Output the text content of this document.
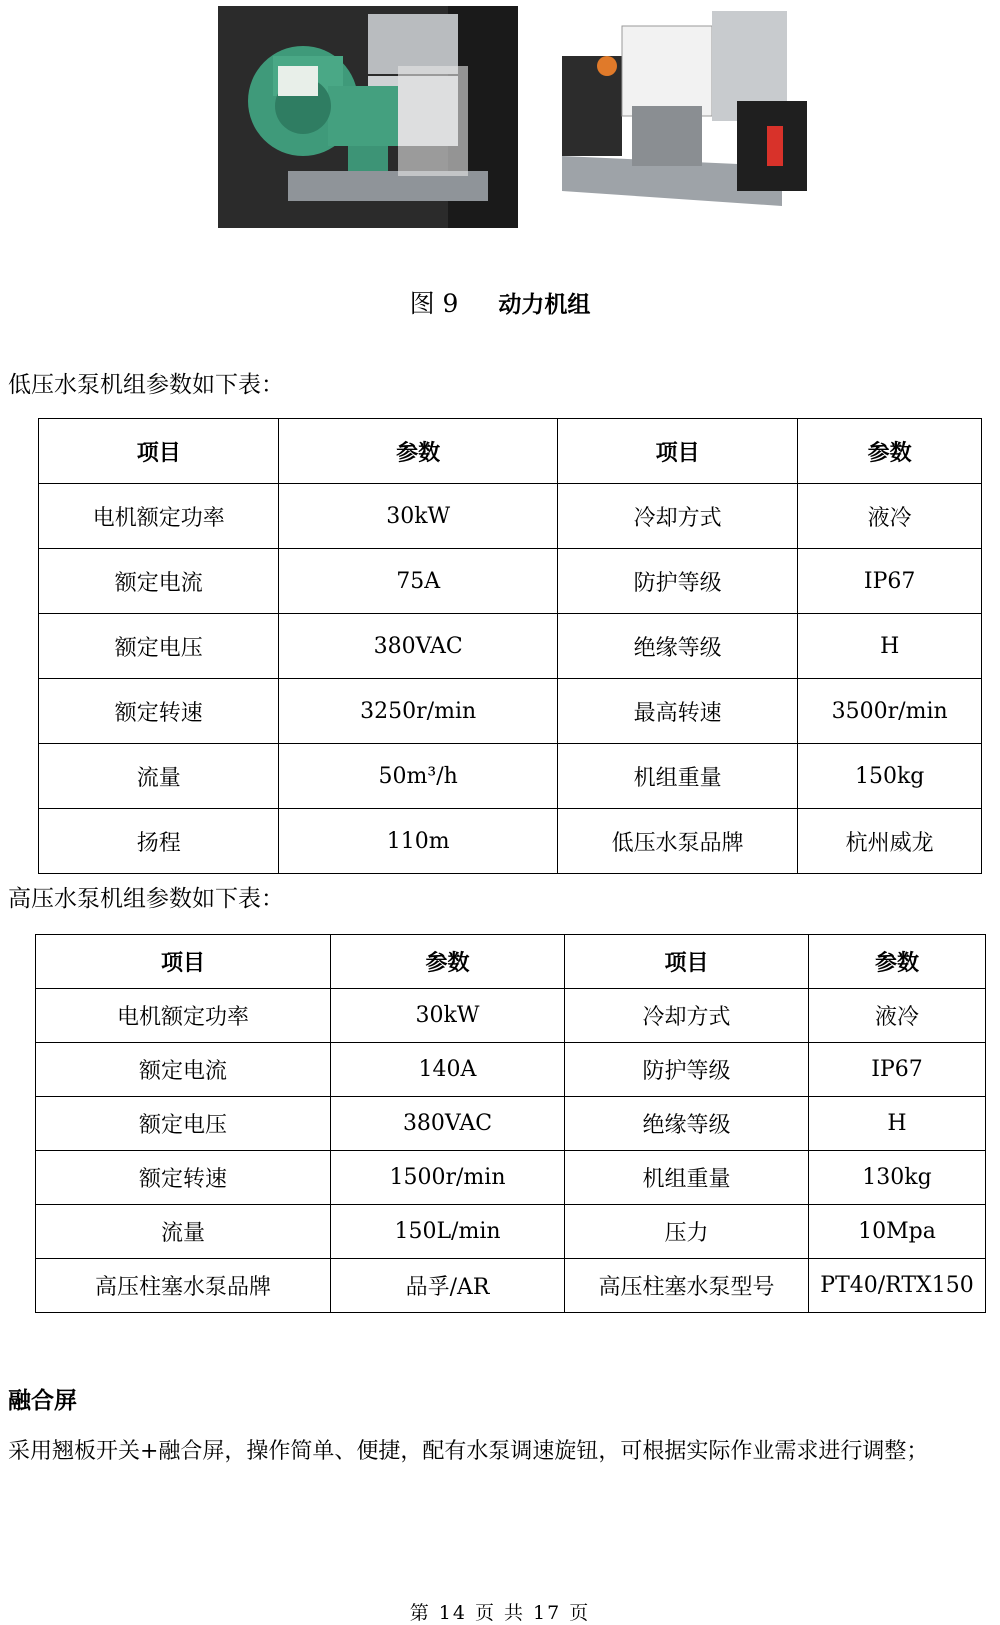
图 9 动力机组
低压水泵机组参数如下表：
项目	参数	项目	参数
电机额定功率	30kW	冷却方式	液冷
额定电流	75A	防护等级	IP67
额定电压	380VAC	绝缘等级	H
额定转速	3250r/min	最高转速	3500r/min
流量	50m³/h	机组重量	150kg
扬程	110m	低压水泵品牌	杭州威龙
高压水泵机组参数如下表：
项目	参数	项目	参数
电机额定功率	30kW	冷却方式	液冷
额定电流	140A	防护等级	IP67
额定电压	380VAC	绝缘等级	H
额定转速	1500r/min	机组重量	130kg
流量	150L/min	压力	10Mpa
高压柱塞水泵品牌	品孚/AR	高压柱塞水泵型号	PT40/RTX150
融合屏
采用翘板开关+融合屏，操作简单、便捷，配有水泵调速旋钮，可根据实际作业需求进行调整；
第 14 页 共 17 页
